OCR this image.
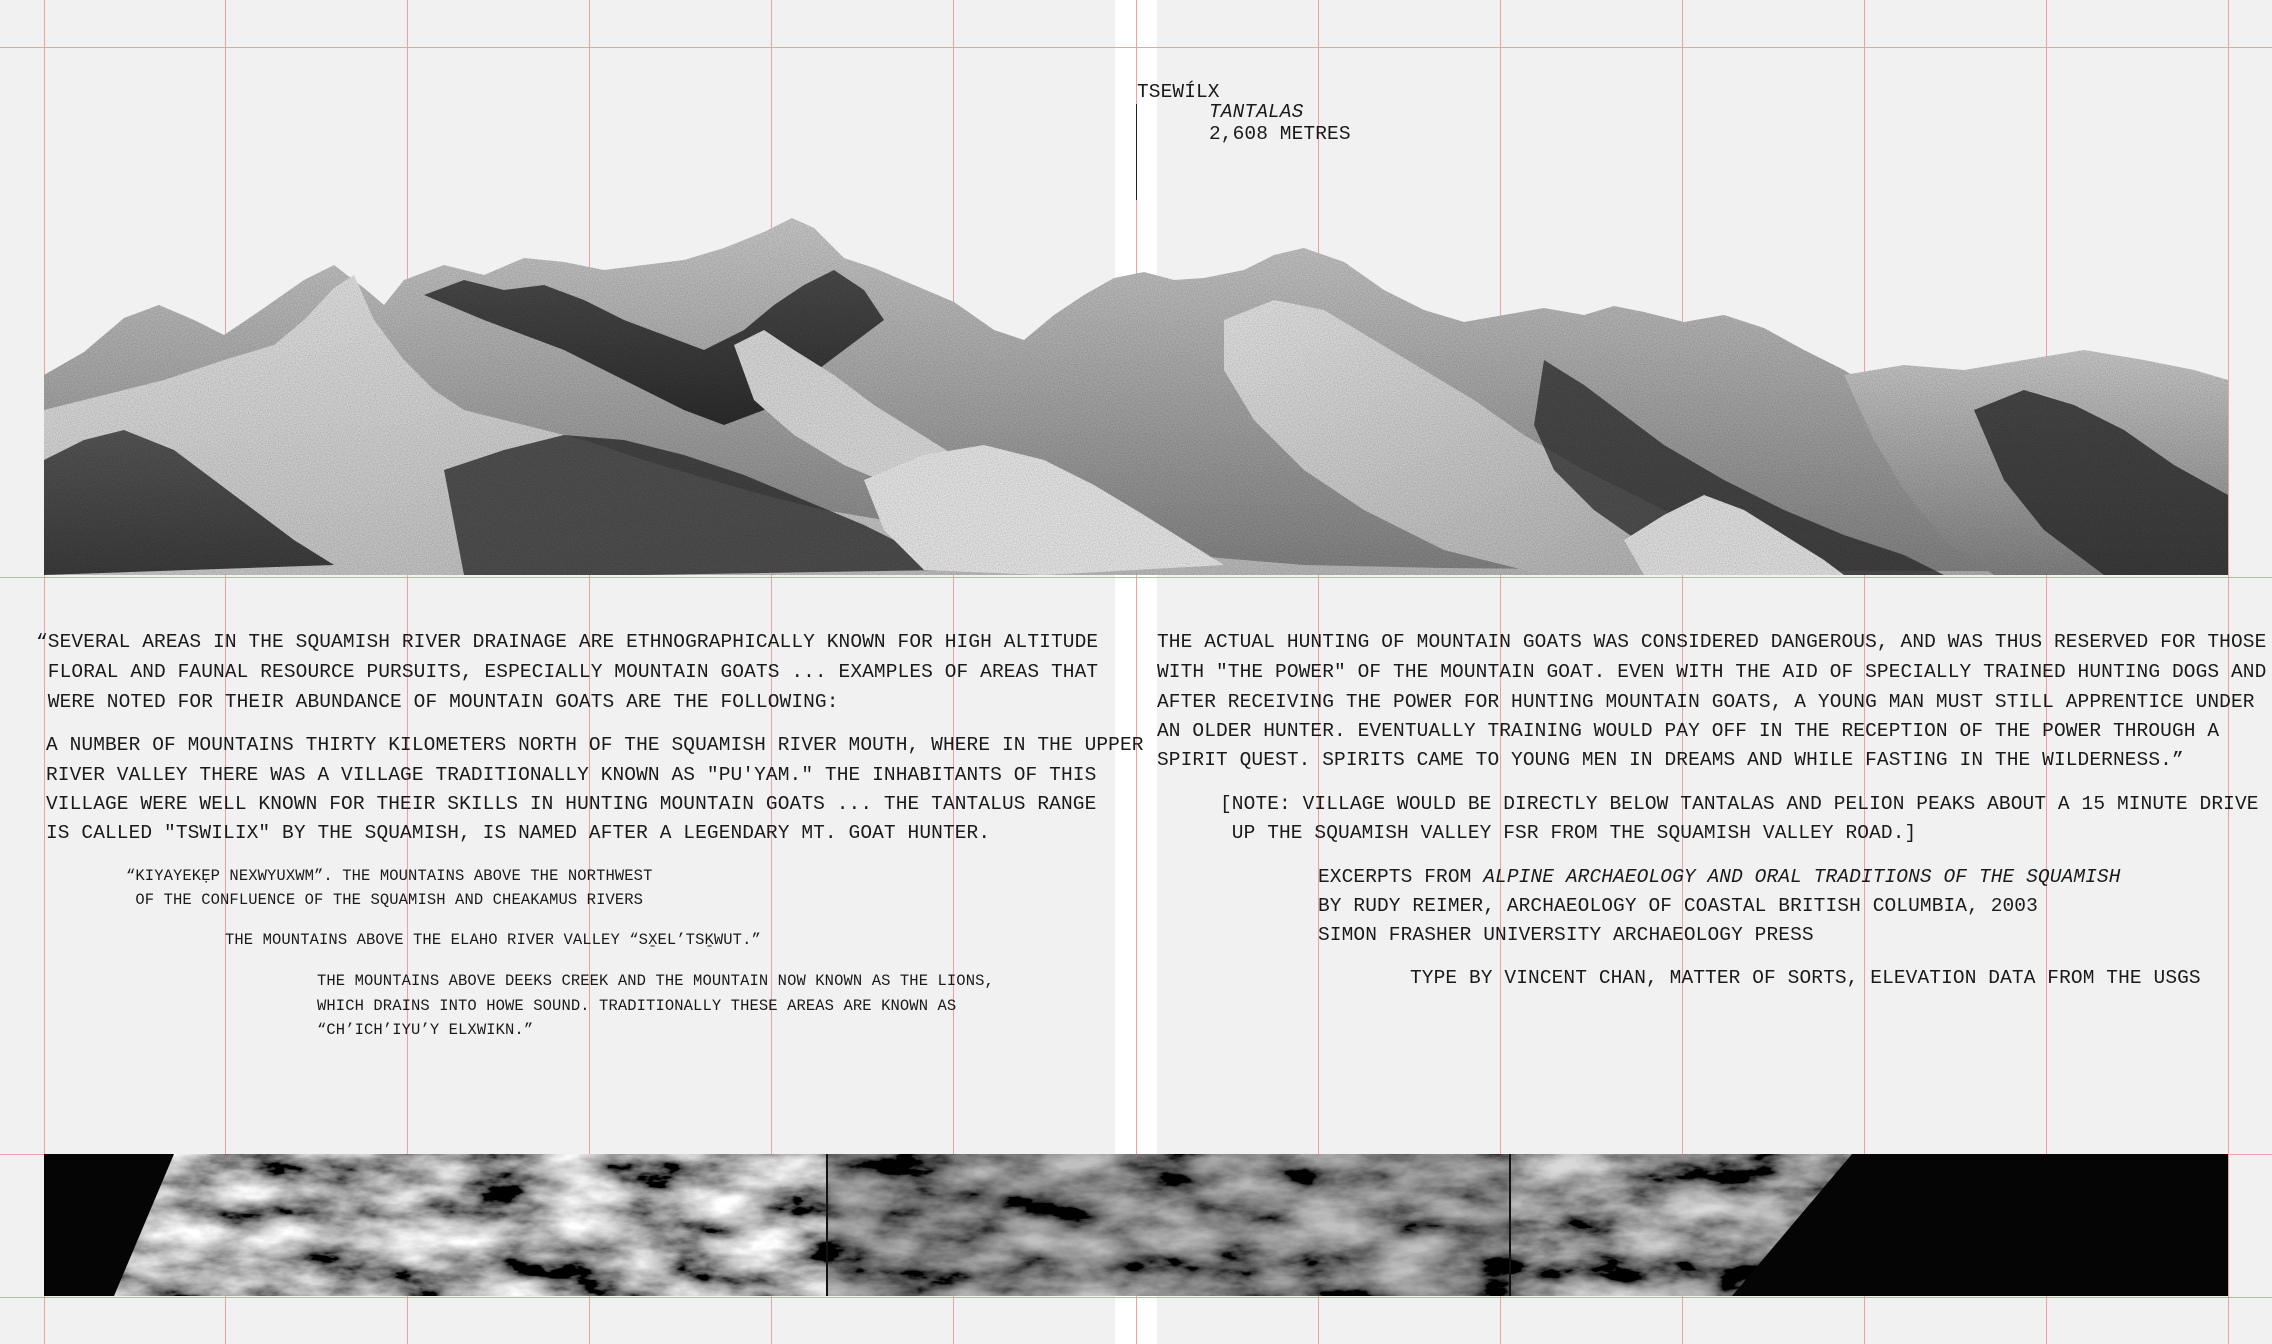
TSEWÍLX
TANTALAS
2,608 METRES
“SEVERAL AREAS IN THE SQUAMISH RIVER DRAINAGE ARE ETHNOGRAPHICALLY KNOWN FOR HIGH ALTITUDE
FLORAL AND FAUNAL RESOURCE PURSUITS, ESPECIALLY MOUNTAIN GOATS ... EXAMPLES OF AREAS THAT
WERE NOTED FOR THEIR ABUNDANCE OF MOUNTAIN GOATS ARE THE FOLLOWING:
A NUMBER OF MOUNTAINS THIRTY KILOMETERS NORTH OF THE SQUAMISH RIVER MOUTH, WHERE IN THE UPPER
RIVER VALLEY THERE WAS A VILLAGE TRADITIONALLY KNOWN AS "PU'YAM." THE INHABITANTS OF THIS
VILLAGE WERE WELL KNOWN FOR THEIR SKILLS IN HUNTING MOUNTAIN GOATS ... THE TANTALUS RANGE
IS CALLED "TSWILIX" BY THE SQUAMISH, IS NAMED AFTER A LEGENDARY MT. GOAT HUNTER.
“KIYAYEKẸP NEXWYUXWM”. THE MOUNTAINS ABOVE THE NORTHWEST
OF THE CONFLUENCE OF THE SQUAMISH AND CHEAKAMUS RIVERS
THE MOUNTAINS ABOVE THE ELAHO RIVER VALLEY “SX̱EL’TSḴWUT.”
THE MOUNTAINS ABOVE DEEKS CREEK AND THE MOUNTAIN NOW KNOWN AS THE LIONS,
WHICH DRAINS INTO HOWE SOUND. TRADITIONALLY THESE AREAS ARE KNOWN AS
“CH’ICH’IYU’Y ELXWIKN.”
THE ACTUAL HUNTING OF MOUNTAIN GOATS WAS CONSIDERED DANGEROUS, AND WAS THUS RESERVED FOR THOSE
WITH "THE POWER" OF THE MOUNTAIN GOAT. EVEN WITH THE AID OF SPECIALLY TRAINED HUNTING DOGS AND
AFTER RECEIVING THE POWER FOR HUNTING MOUNTAIN GOATS, A YOUNG MAN MUST STILL APPRENTICE UNDER
AN OLDER HUNTER. EVENTUALLY TRAINING WOULD PAY OFF IN THE RECEPTION OF THE POWER THROUGH A
SPIRIT QUEST. SPIRITS CAME TO YOUNG MEN IN DREAMS AND WHILE FASTING IN THE WILDERNESS.”
[NOTE: VILLAGE WOULD BE DIRECTLY BELOW TANTALAS AND PELION PEAKS ABOUT A 15 MINUTE DRIVE
UP THE SQUAMISH VALLEY FSR FROM THE SQUAMISH VALLEY ROAD.]
EXCERPTS FROM ALPINE ARCHAEOLOGY AND ORAL TRADITIONS OF THE SQUAMISH
BY RUDY REIMER, ARCHAEOLOGY OF COASTAL BRITISH COLUMBIA, 2003
SIMON FRASHER UNIVERSITY ARCHAEOLOGY PRESS
TYPE BY VINCENT CHAN, MATTER OF SORTS, ELEVATION DATA FROM THE USGS
